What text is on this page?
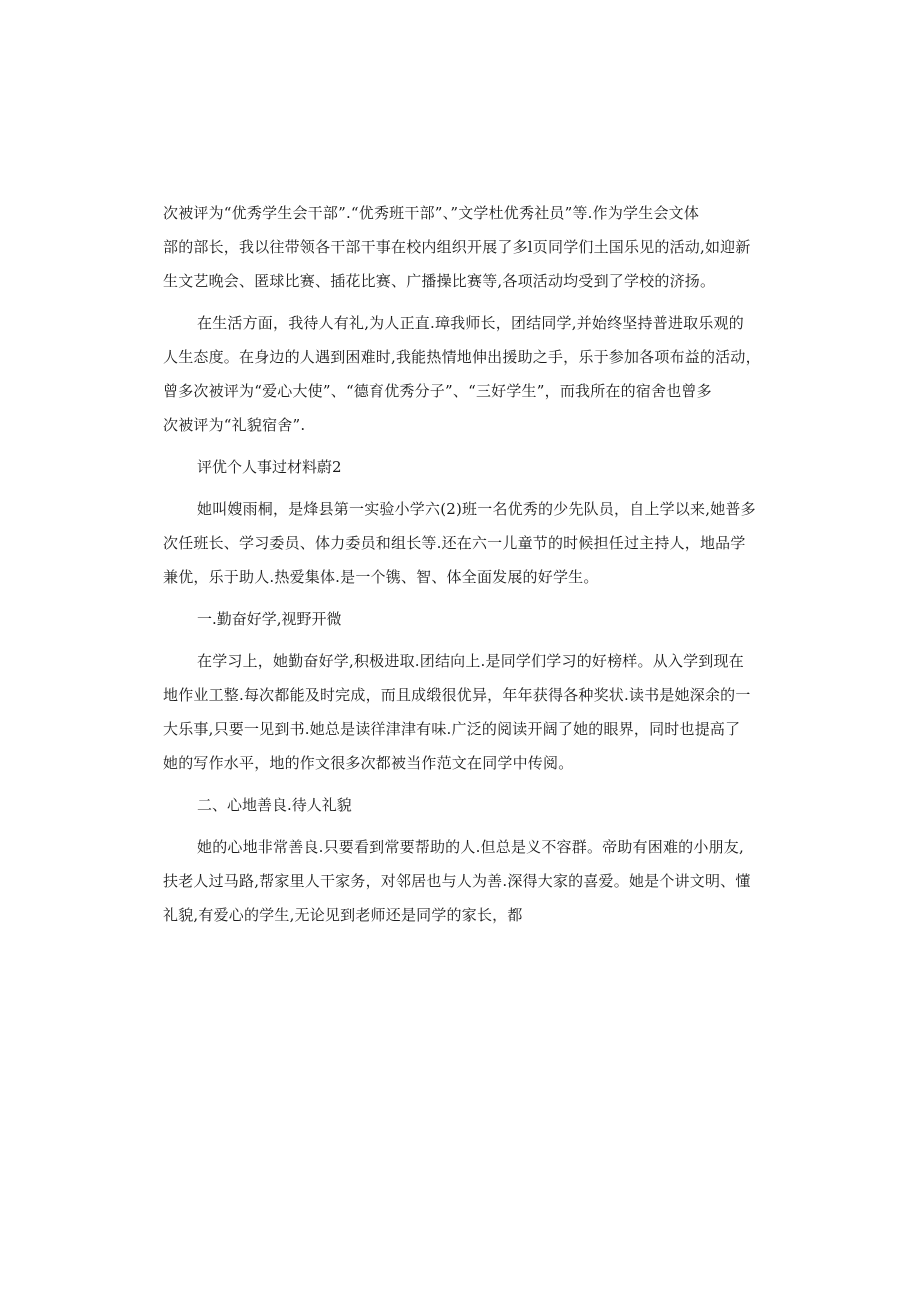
次被评为“优秀学生会干部”.“优秀班干部”、”文学杜优秀社员”等.作为学生会文体
部的部长，我以往带领各干部干事在校内组织开展了多l页同学们土国乐见的活动,如迎新
生文艺晚会、匿球比赛、插花比赛、广播操比赛等,各项活动均受到了学校的济扬。

在生活方面，我待人有礼,为人正直.璋我师长，团结同学,并始终坚持普进取乐观的
人生态度。在身边的人遇到困难时,我能热情地伸出援助之手，乐于参加各项布益的活动，
曾多次被评为“爱心大使”、“德育优秀分子”、“三好学生”，而我所在的宿舍也曾多
次被评为“礼貌宿舍”.

评优个人事过材料蔚2

她叫嫂雨桐，是烽县第一实验小学六(2)班一名优秀的少先队员，自上学以来,她普多
次任班长、学习委员、体力委员和组长等.还在六一儿童节的时候担任过主持人，地品学
兼优，乐于助人.热爱集体.是一个镌、智、体全面发展的好学生。

一.勤奋好学,视野开微

在学习上，她勤奋好学,积极进取.团结向上.是同学们学习的好榜样。从入学到现在
地作业工整.每次都能及时完成，而且成缎很优异，年年获得各种奖状.读书是她深余的一
大乐事,只要一见到书.她总是读徉津津有味.广泛的阅读开阔了她的眼界，同时也提高了
她的写作水平，地的作文很多次都被当作范文在同学中传阅。

二、心地善良.待人礼貌

她的心地非常善良.只要看到常要帮助的人.但总是义不容群。帝助有困难的小朋友,
扶老人过马路,帮家里人干家务，对邻居也与人为善.深得大家的喜爱。她是个讲文明、懂
礼貌,有爱心的学生,无论见到老师还是同学的家长，都
